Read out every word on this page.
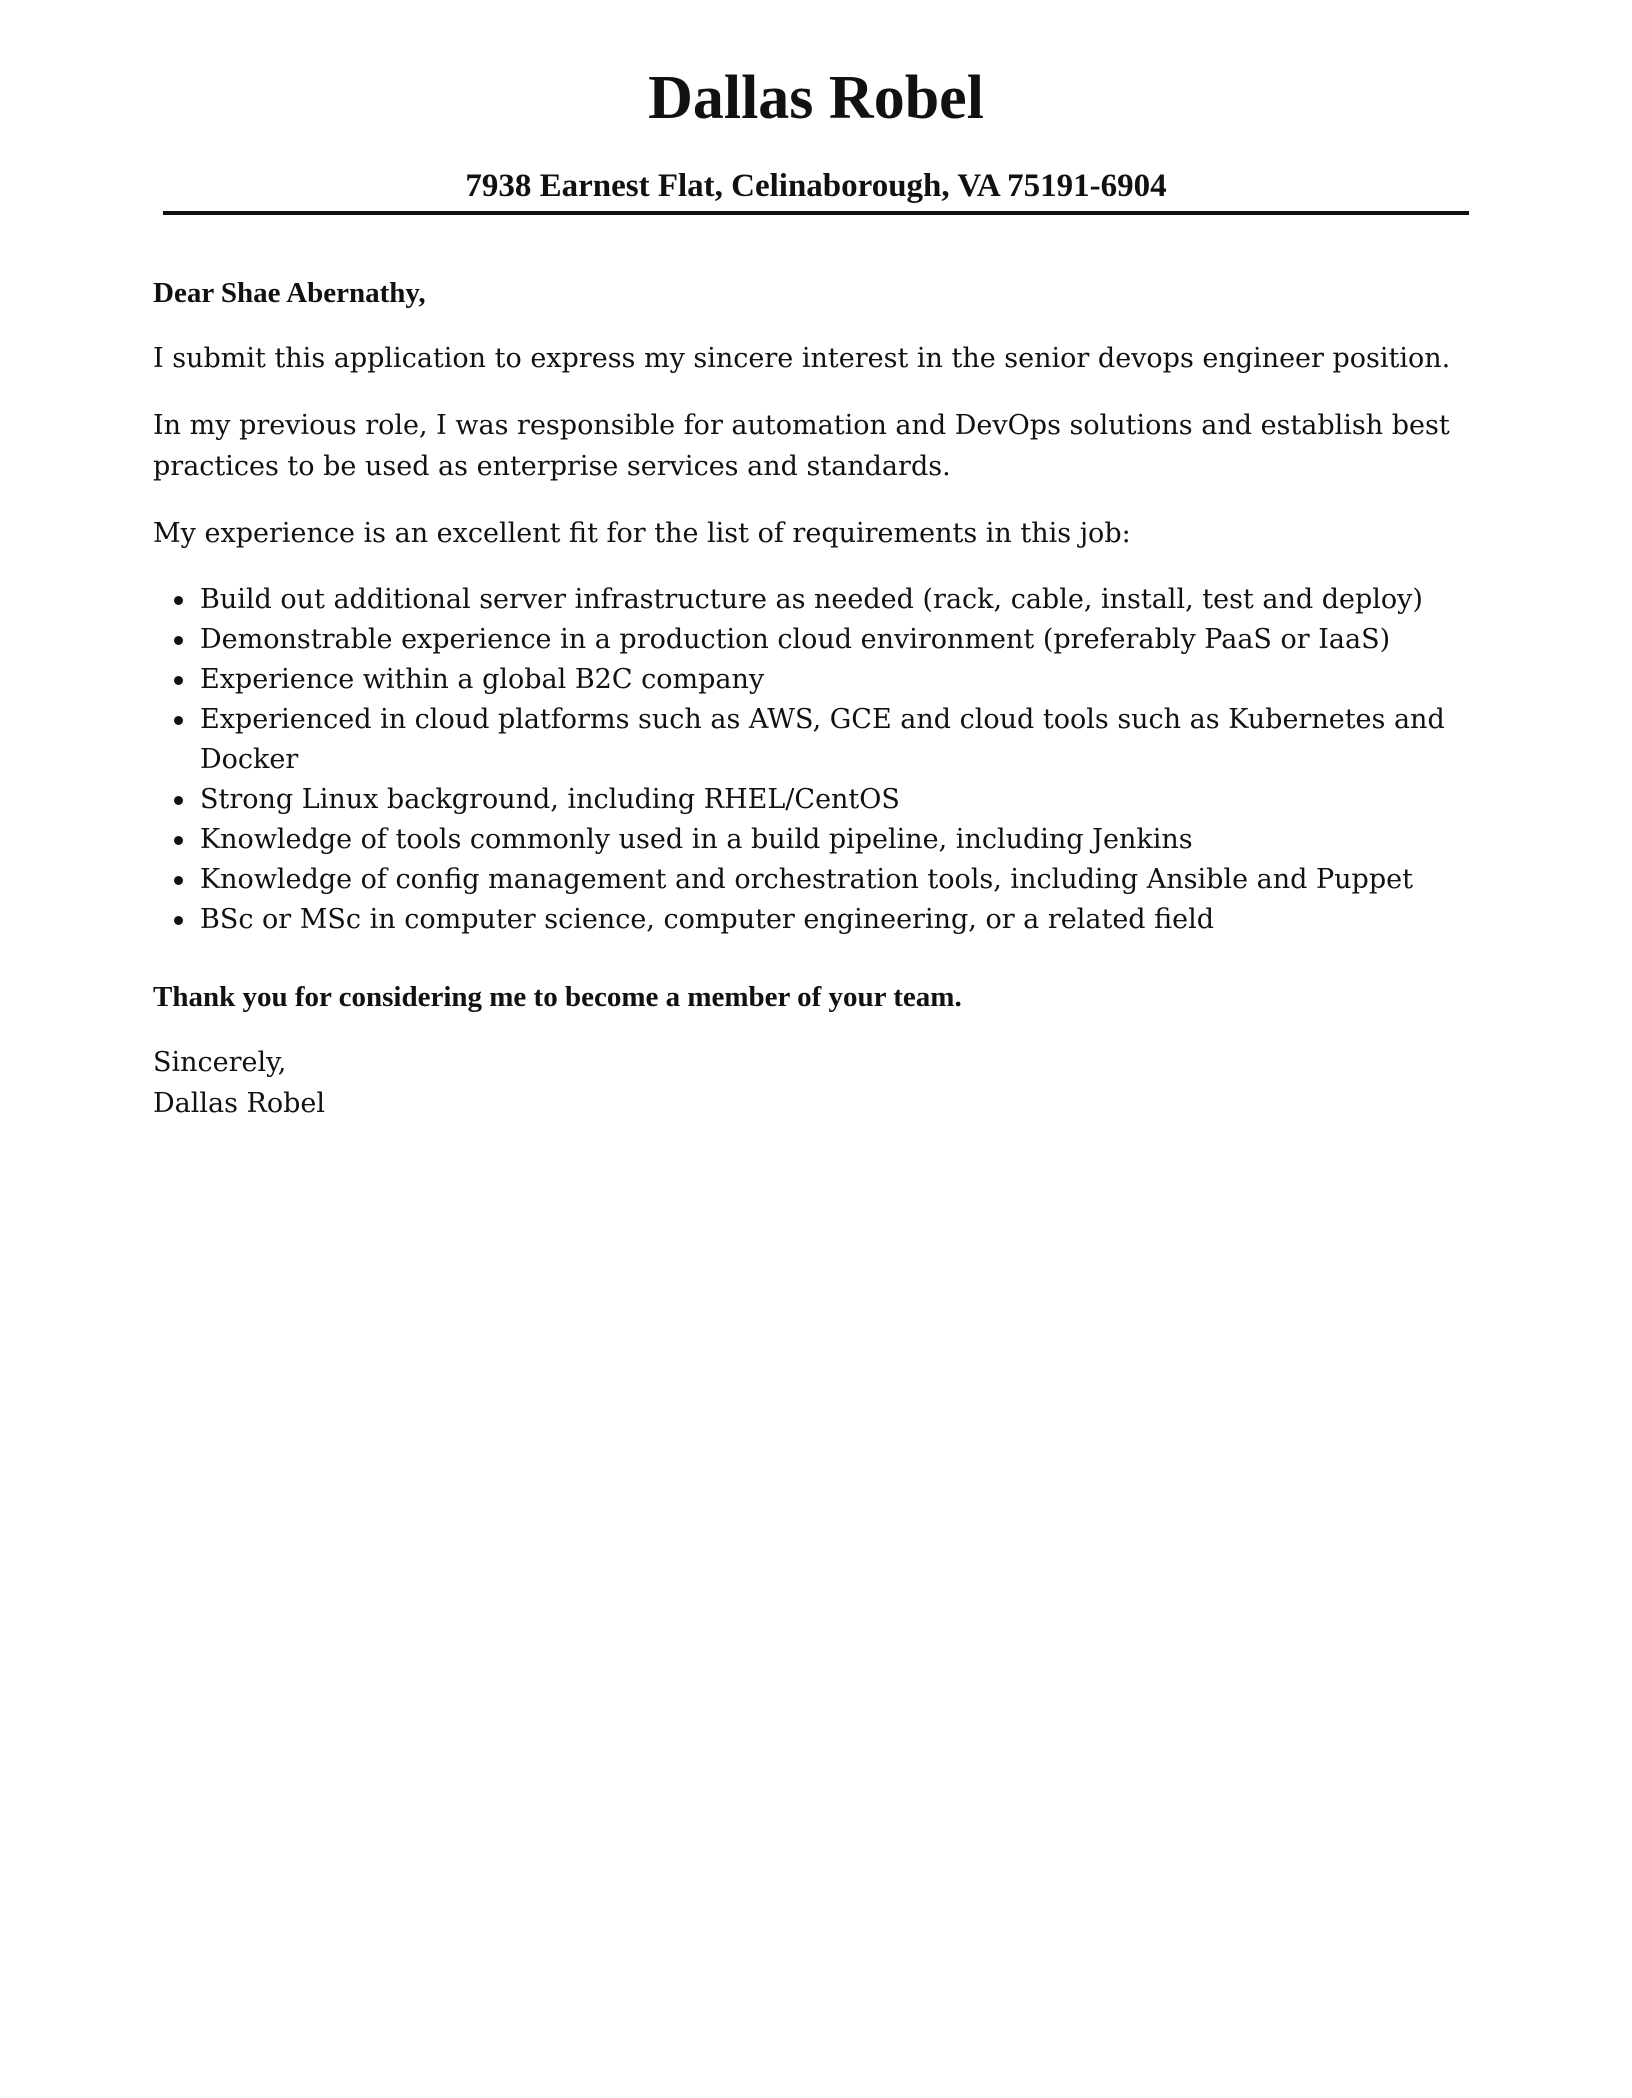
Dallas Robel
7938 Earnest Flat, Celinaborough, VA 75191-6904

Dear Shae Abernathy,

I submit this application to express my sincere interest in the senior devops engineer position.

In my previous role, I was responsible for automation and DevOps solutions and establish best practices to be used as enterprise services and standards.

My experience is an excellent fit for the list of requirements in this job:

Build out additional server infrastructure as needed (rack, cable, install, test and deploy)
Demonstrable experience in a production cloud environment (preferably PaaS or IaaS)
Experience within a global B2C company
Experienced in cloud platforms such as AWS, GCE and cloud tools such as Kubernetes and Docker
Strong Linux background, including RHEL/CentOS
Knowledge of tools commonly used in a build pipeline, including Jenkins
Knowledge of config management and orchestration tools, including Ansible and Puppet
BSc or MSc in computer science, computer engineering, or a related field

Thank you for considering me to become a member of your team.

Sincerely,
Dallas Robel
